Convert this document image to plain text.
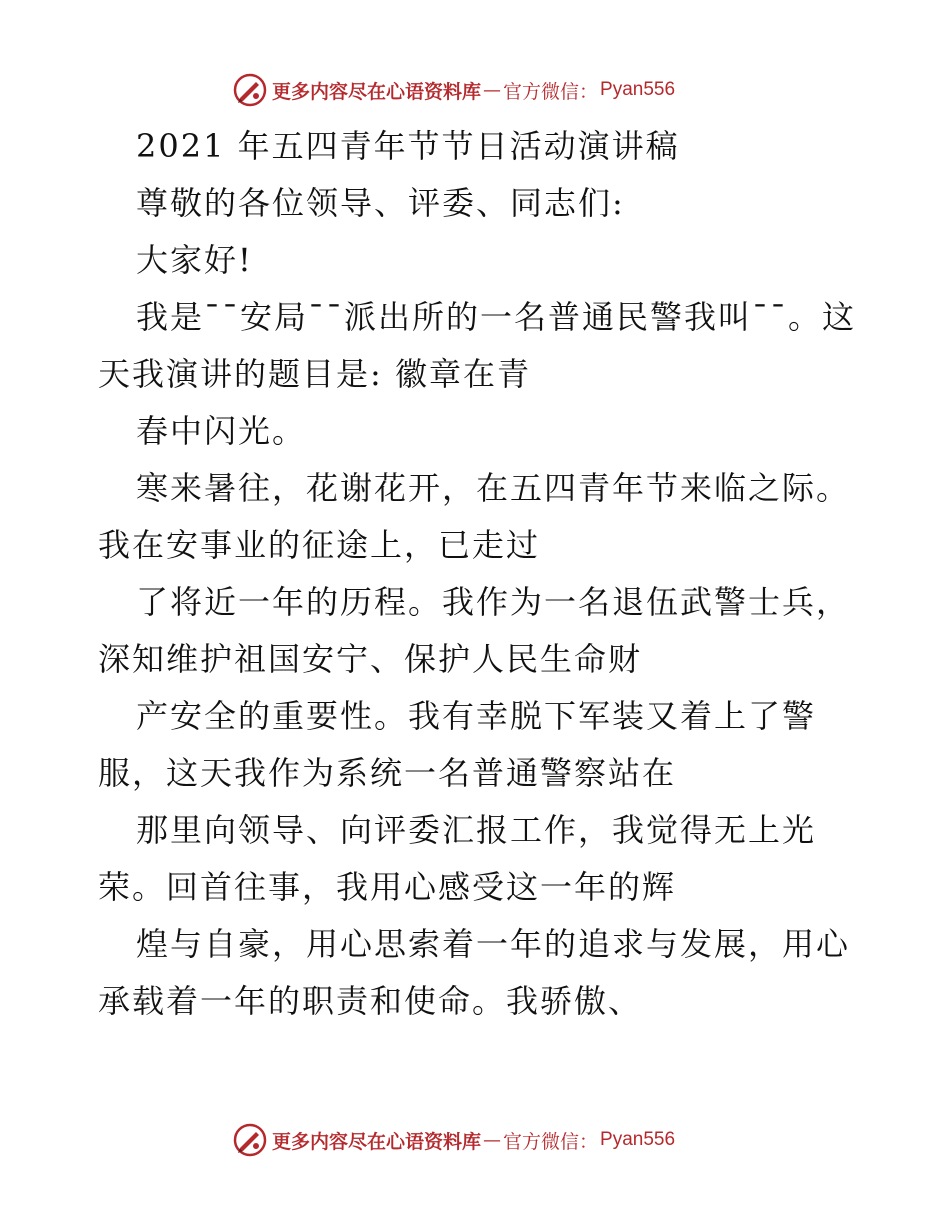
更多内容尽在心语资料库 — 官方微信： Pyan556
2021 年五四青年节节日活动演讲稿
尊敬的各位领导、评委、同志们:
大家好!
我是¯¯安局¯¯派出所的一名普通民警我叫¯¯。这
天我演讲的题目是: 徽章在青
春中闪光。
寒来暑往，花谢花开，在五四青年节来临之际。
我在安事业的征途上，已走过
了将近一年的历程。我作为一名退伍武警士兵，
深知维护祖国安宁、保护人民生命财
产安全的重要性。我有幸脱下军装又着上了警
服，这天我作为系统一名普通警察站在
那里向领导、向评委汇报工作，我觉得无上光
荣。回首往事，我用心感受这一年的辉
煌与自豪，用心思索着一年的追求与发展，用心
承载着一年的职责和使命。我骄傲、
更多内容尽在心语资料库 — 官方微信： Pyan556
